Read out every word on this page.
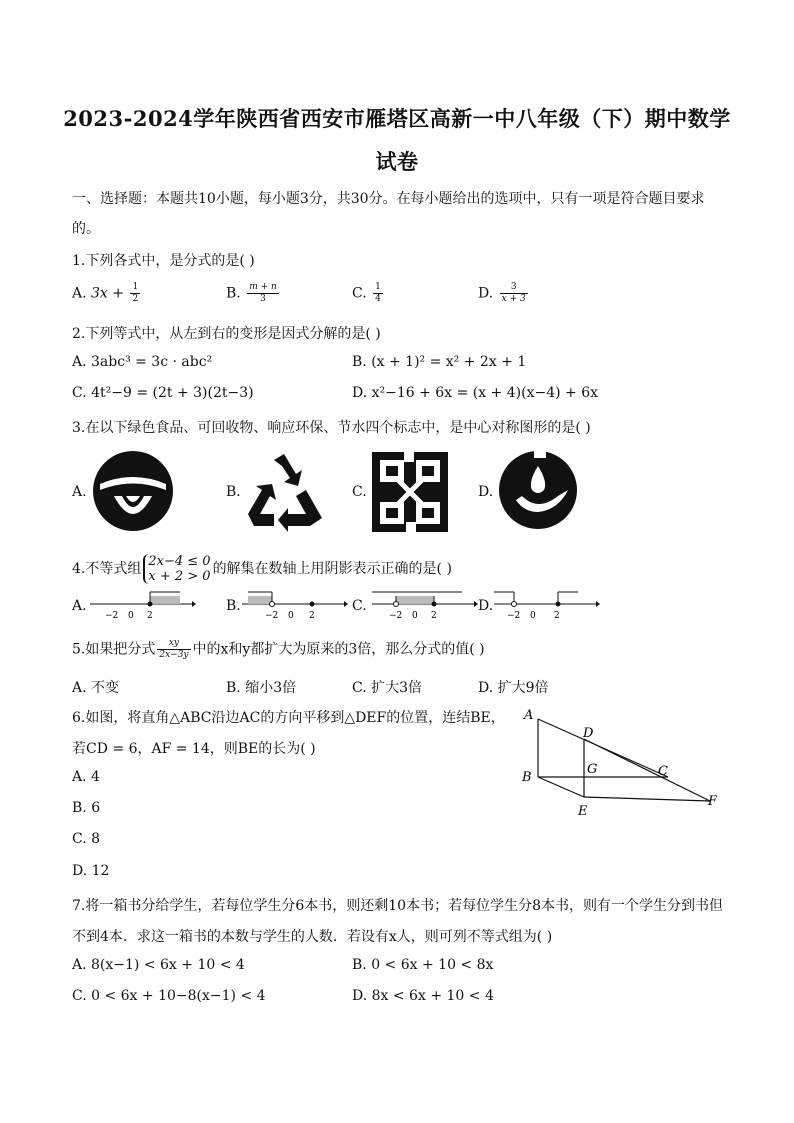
2023-2024学年陕西省西安市雁塔区高新一中八年级（下）期中数学
试卷
一、选择题：本题共10小题，每小题3分，共30分。在每小题给出的选项中，只有一项是符合题目要求
的。
1.下列各式中，是分式的是( )
A. $3x + \frac{1}{2}$	B. $\frac{m + n}{3}$	C. $\frac{1}{4}$	D. $\frac{3}{x + 3}$
2.下列等式中，从左到右的变形是因式分解的是( )
A. 3abc³ = 3c · abc²	B. (x + 1)² = x² + 2x + 1
C. 4t²−9 = (2t + 3)(2t−3)	D. x²−16 + 6x = (x + 4)(x−4) + 6x
3.在以下绿色食品、可回收物、响应环保、节水四个标志中，是中心对称图形的是( )
A.	B.	C.	D.
4.不等式组 2x−4 ≤ 0
x + 2 > 0 的解集在数轴上用阴影表示正确的是( )
A.	B.	C.	D.
−2 0 2	−2 0 2	−2 0 2	−2 0 2
5.如果把分式 $\frac{xy}{2x-3y}$ 中的x和y都扩大为原来的3倍，那么分式的值( )
A. 不变	B. 缩小3倍	C. 扩大3倍	D. 扩大9倍
6.如图，将直角△ABC沿边AC的方向平移到△DEF的位置，连结BE，
若CD = 6，AF = 14，则BE的长为( )
A. 4
B. 6
C. 8
D. 12
A
D
B
G	C
E
F
7.将一箱书分给学生，若每位学生分6本书，则还剩10本书；若每位学生分8本书，则有一个学生分到书但
不到4本．求这一箱书的本数与学生的人数．若设有x人，则可列不等式组为( )
A. 8(x−1) < 6x + 10 < 4	B. 0 < 6x + 10 < 8x
C. 0 < 6x + 10−8(x−1) < 4	D. 8x < 6x + 10 < 4
